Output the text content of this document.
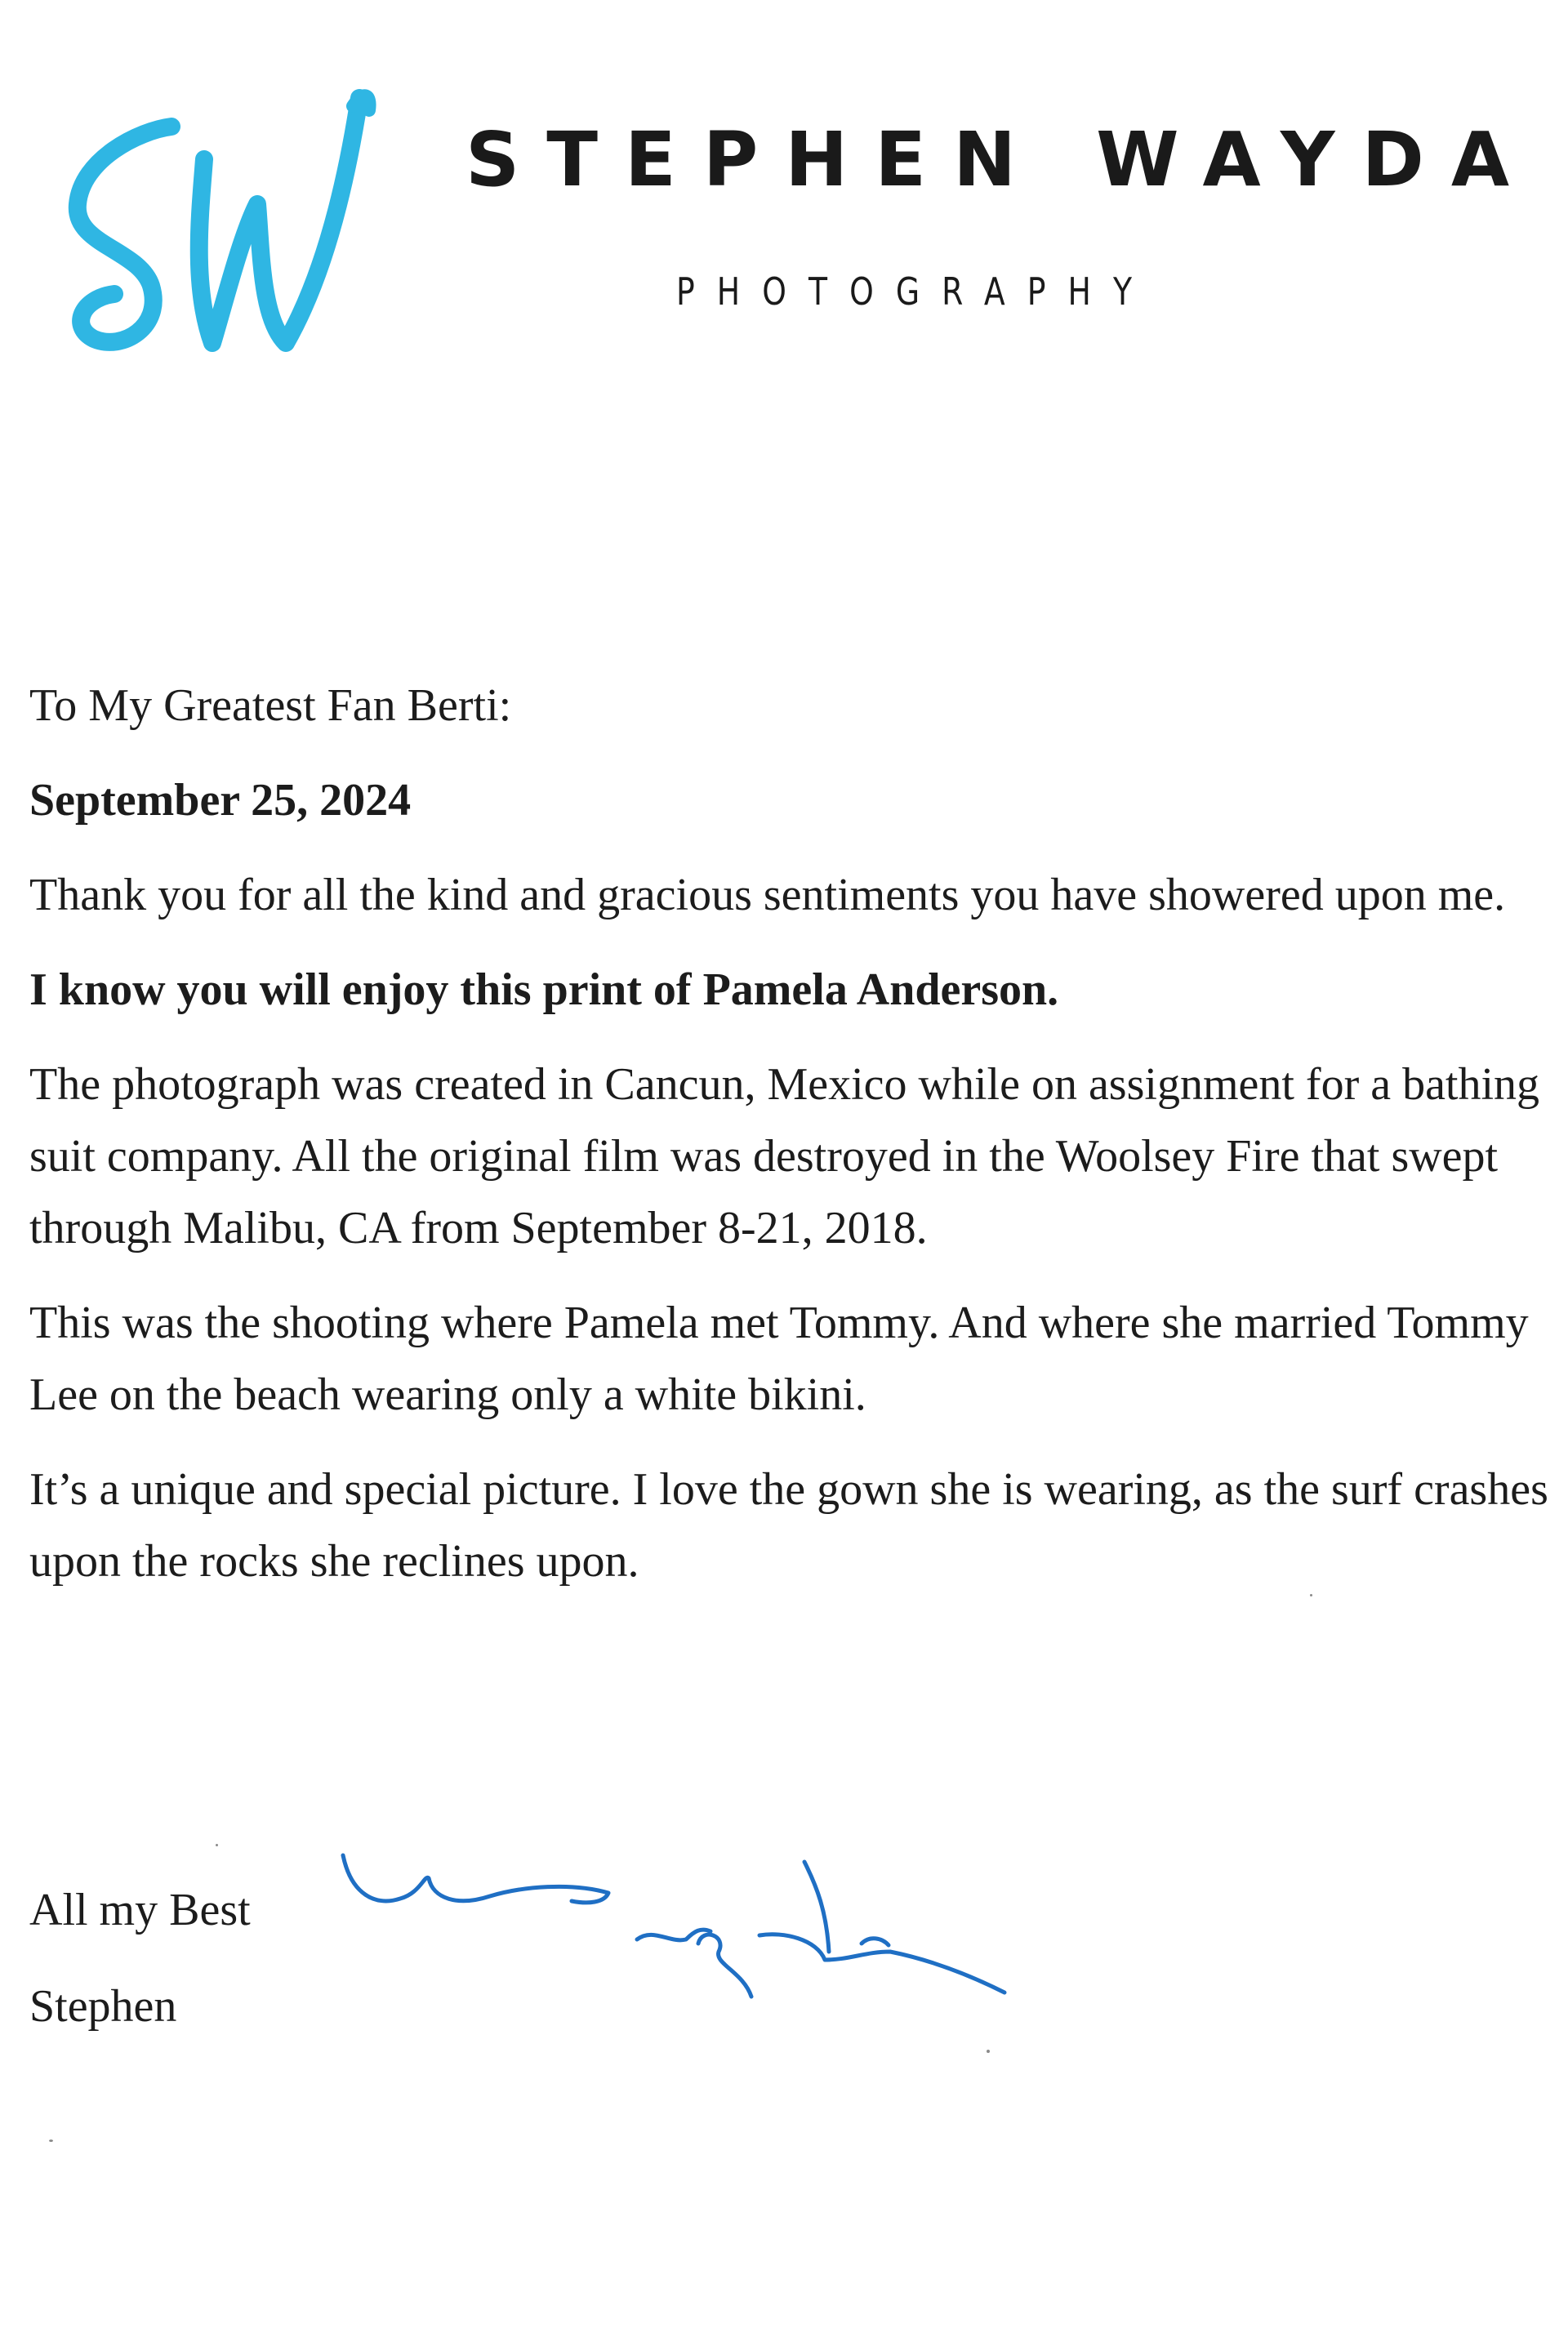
STEPHEN WAYDA
PHOTOGRAPHY

To My Greatest Fan Berti:

September 25, 2024

Thank you for all the kind and gracious sentiments you have showered upon me.

I know you will enjoy this print of Pamela Anderson.

The photograph was created in Cancun, Mexico while on assignment for a bathing suit company. All the original film was destroyed in the Woolsey Fire that swept through Malibu, CA from September 8-21, 2018.

This was the shooting where Pamela met Tommy. And where she married Tommy Lee on the beach wearing only a white bikini.

It’s a unique and special picture. I love the gown she is wearing, as the surf crashes upon the rocks she reclines upon.

All my Best

Stephen
